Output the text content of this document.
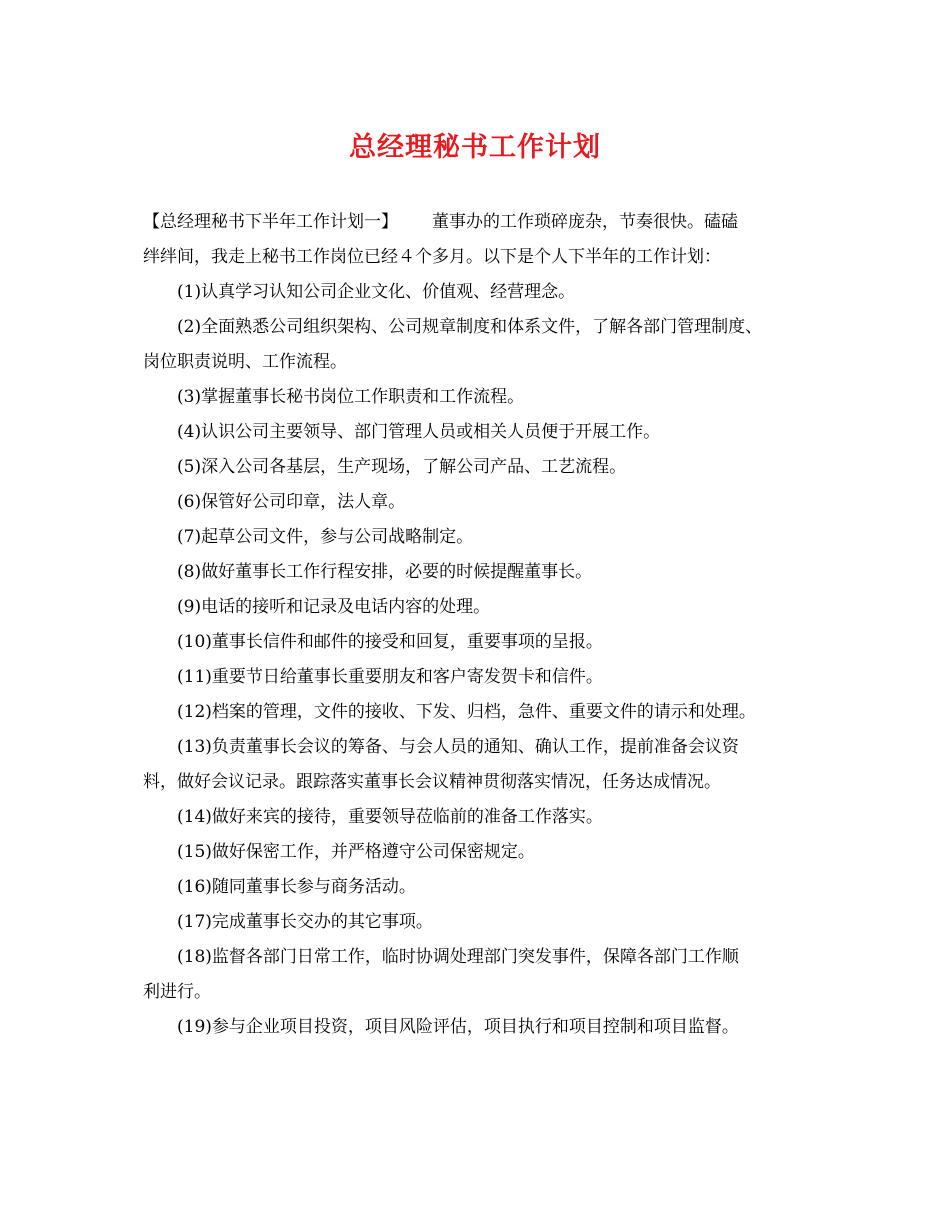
总经理秘书工作计划

【总经理秘书下半年工作计划一】 董事办的工作琐碎庞杂，节奏很快。磕磕

绊绊间，我走上秘书工作岗位已经４个多月。以下是个人下半年的工作计划：

(1)认真学习认知公司企业文化、价值观、经营理念。

(2)全面熟悉公司组织架构、公司规章制度和体系文件，了解各部门管理制度、

岗位职责说明、工作流程。

(3)掌握董事长秘书岗位工作职责和工作流程。

(4)认识公司主要领导、部门管理人员或相关人员便于开展工作。

(5)深入公司各基层，生产现场，了解公司产品、工艺流程。

(6)保管好公司印章，法人章。

(7)起草公司文件，参与公司战略制定。

(8)做好董事长工作行程安排，必要的时候提醒董事长。

(9)电话的接听和记录及电话内容的处理。

(10)董事长信件和邮件的接受和回复，重要事项的呈报。

(11)重要节日给董事长重要朋友和客户寄发贺卡和信件。

(12)档案的管理，文件的接收、下发、归档，急件、重要文件的请示和处理。

(13)负责董事长会议的筹备、与会人员的通知、确认工作，提前准备会议资

料，做好会议记录。跟踪落实董事长会议精神贯彻落实情况，任务达成情况。

(14)做好来宾的接待，重要领导莅临前的准备工作落实。

(15)做好保密工作，并严格遵守公司保密规定。

(16)随同董事长参与商务活动。

(17)完成董事长交办的其它事项。

(18)监督各部门日常工作，临时协调处理部门突发事件，保障各部门工作顺

利进行。

(19)参与企业项目投资，项目风险评估，项目执行和项目控制和项目监督。
